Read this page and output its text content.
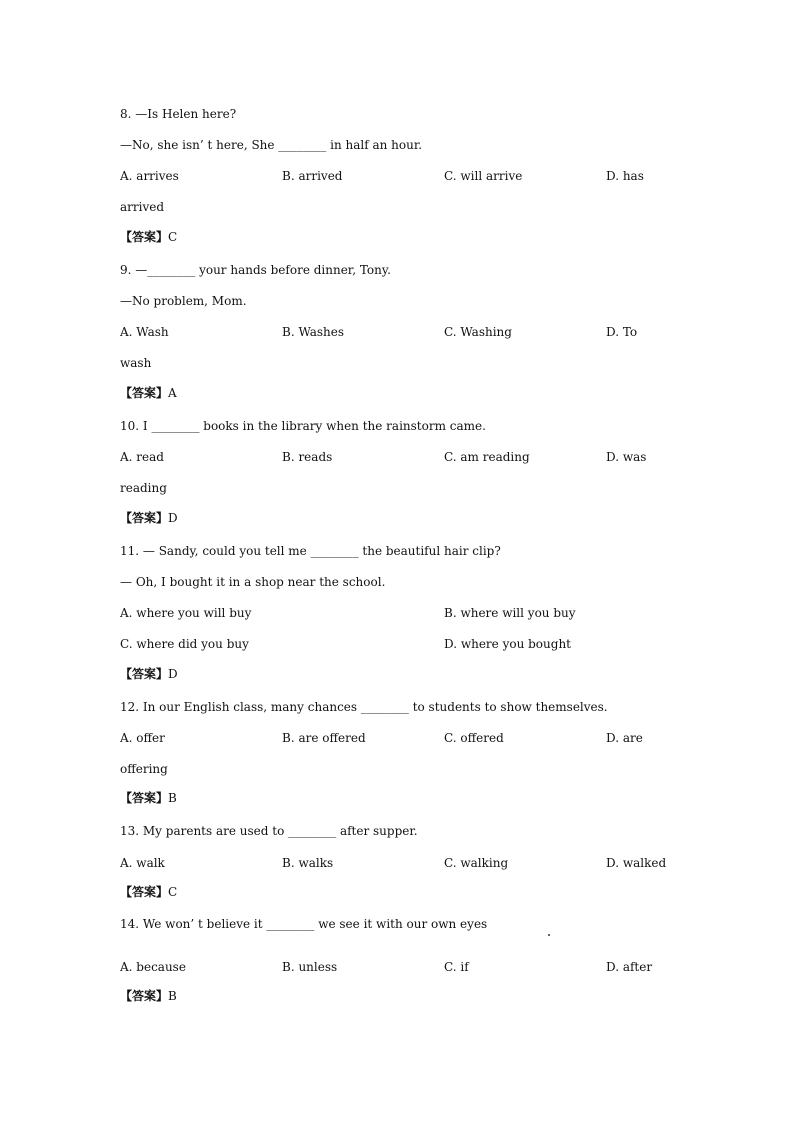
8. —Is Helen here?
—No, she isn’ t here, She ________ in half an hour.
A. arrives	B. arrived	C. will arrive	D. has
arrived
【答案】C
9. —________ your hands before dinner, Tony.
—No problem, Mom.
A. Wash	B. Washes	C. Washing	D. To
wash
【答案】A
10. I ________ books in the library when the rainstorm came.
A. read	B. reads	C. am reading	D. was
reading
【答案】D
11. — Sandy, could you tell me ________ the beautiful hair clip?
— Oh, I bought it in a shop near the school.
A. where you will buy	B. where will you buy
C. where did you buy	D. where you bought
【答案】D
12. In our English class, many chances ________ to students to show themselves.
A. offer	B. are offered	C. offered	D. are
offering
【答案】B
13. My parents are used to ________ after supper.
A. walk	B. walks	C. walking	D. walked
【答案】C
14. We won’ t believe it ________ we see it with our own eyes
A. because	B. unless	C. if	D. after
【答案】B
